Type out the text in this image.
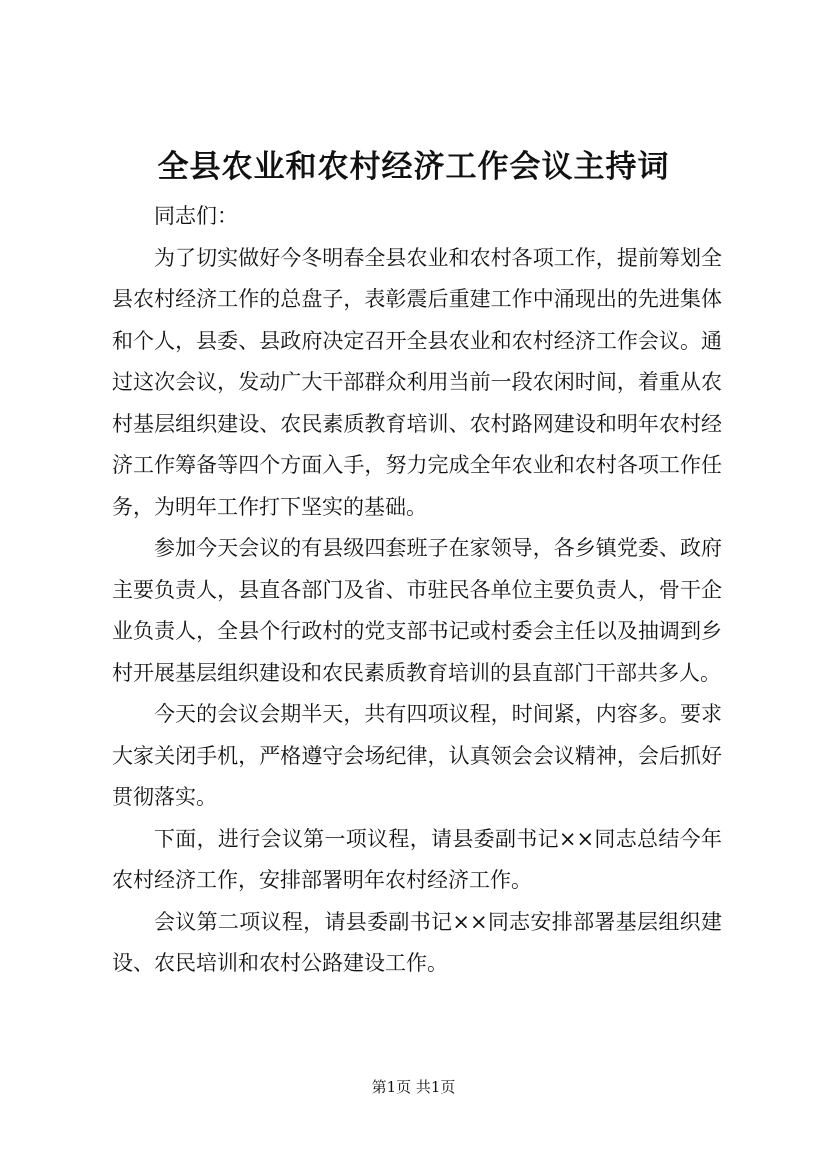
全县农业和农村经济工作会议主持词

同志们：

为了切实做好今冬明春全县农业和农村各项工作，提前筹划全县农村经济工作的总盘子，表彰震后重建工作中涌现出的先进集体和个人，县委、县政府决定召开全县农业和农村经济工作会议。通过这次会议，发动广大干部群众利用当前一段农闲时间，着重从农村基层组织建设、农民素质教育培训、农村路网建设和明年农村经济工作筹备等四个方面入手，努力完成全年农业和农村各项工作任务，为明年工作打下坚实的基础。

参加今天会议的有县级四套班子在家领导，各乡镇党委、政府主要负责人，县直各部门及省、市驻民各单位主要负责人，骨干企业负责人，全县个行政村的党支部书记或村委会主任以及抽调到乡村开展基层组织建设和农民素质教育培训的县直部门干部共多人。

今天的会议会期半天，共有四项议程，时间紧，内容多。要求大家关闭手机，严格遵守会场纪律，认真领会会议精神，会后抓好贯彻落实。

下面，进行会议第一项议程，请县委副书记××同志总结今年农村经济工作，安排部署明年农村经济工作。

会议第二项议程，请县委副书记××同志安排部署基层组织建设、农民培训和农村公路建设工作。

第1页 共1页
